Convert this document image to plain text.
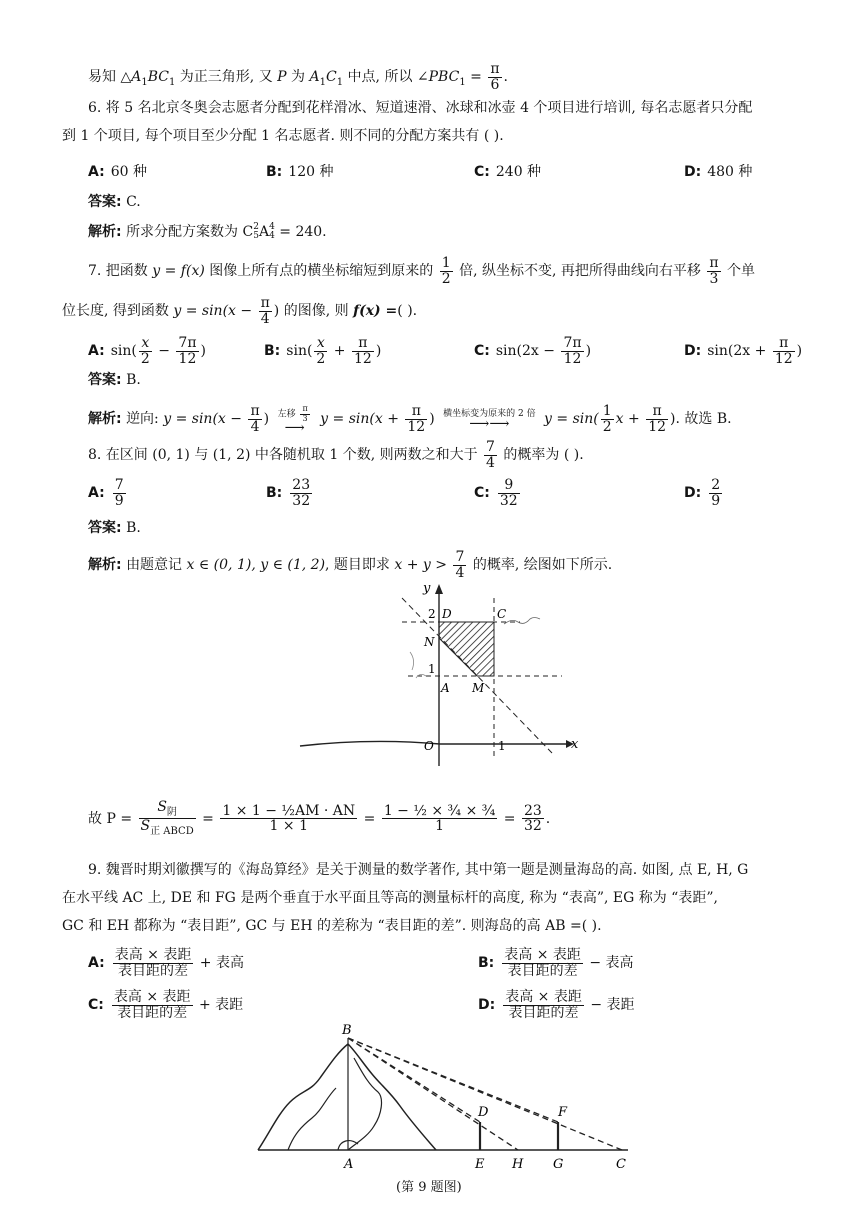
易知 $\triangle A_1BC_1$ 为正三角形, 又 P 为 $A_1C_1$ 中点, 所以 $\angle PBC_1 = \frac{\pi}{6}$ .
6. 将 5 名北京冬奥会志愿者分配到花样滑冰、短道速滑、冰球和冰壶 4 个项目进行培训, 每名志愿者只分配
到 1 个项目, 每个项目至少分配 1 名志愿者. 则不同的分配方案共有 ( ).
A: 60 种	B: 120 种	C: 240 种	D: 480 种
答案: C.
解析: 所求分配方案数为 C 2
5 A 4
4 = 240.
7. 把函数 y = f(x) 图像上所有点的横坐标缩短到原来的 $\frac{1}{2}$ 倍, 纵坐标不变, 再把所得曲线向右平移 $\frac{\pi}{3}$ 个单
位长度, 得到函数 $y = \sin(x - \frac{\pi}{4}$ ) 的图像, 则 f(x) =( ).
A: $\sin( \frac{x}{2} - \frac{7\pi}{12}$ )	B: $\sin( \frac{x}{2} + \frac{\pi}{12}$ )	C: $\sin(2x - \frac{7\pi}{12}$ )	D: $\sin(2x + \frac{\pi}{12}$ )
答案: B.
解析: 逆向: $y = \sin(x - \frac{\pi}{4}$ ) 左移 $\frac{\pi}{3}$
⟶
$y = \sin(x + \frac{\pi}{12}$ ) 横坐标变为原来的 2 倍
⟶⟶	$y = \sin( \frac{1}{2}$ $x + \frac{\pi}{12}$ ). 故选 B.
8. 在区间 (0, 1) 与 (1, 2) 中各随机取 1 个数, 则两数之和大于 $\frac{7}{4}$ 的概率为 ( ).
A: $\frac{7}{9}$	B: $\frac{23}{32}$	C: $\frac{9}{32}$	D: $\frac{2}{9}$
答案: B.
解析: 由题意记 x ∈ (0, 1), y ∈ (1, 2), 题目即求 $x + y > \frac{7}{4}$ 的概率, 绘图如下所示.
y
x
2
1
1
O
D	C
N
A M
故 $P = \frac{S_阴}{S_{正 ABCD}} = \frac{\text{1 × 1 − ½AM · AN}}{1 \times 1} = \frac{\text{1 − ½ × ¾ × ¾}}{1} = \frac{23}{32}$ .
9. 魏晋时期刘徽撰写的《海岛算经》是关于测量的数学著作, 其中第一题是测量海岛的高. 如图, 点 E, H, G
在水平线 AC 上, DE 和 FG 是两个垂直于水平面且等高的测量标杆的高度, 称为 “表高”, EG 称为 “表距”,
GC 和 EH 都称为 “表目距”, GC 与 EH 的差称为 “表目距的差”. 则海岛的高 AB =( ).
A: $\frac{\text{表高 × 表距}}{\text{表目距的差}}$ + 表高	B: $\frac{\text{表高 × 表距}}{\text{表目距的差}}$ − 表高
C: $\frac{\text{表高 × 表距}}{\text{表目距的差}}$ + 表距	D: $\frac{\text{表高 × 表距}}{\text{表目距的差}}$ − 表距
B
A
D	F
E H G	C
(第 9 题图)
